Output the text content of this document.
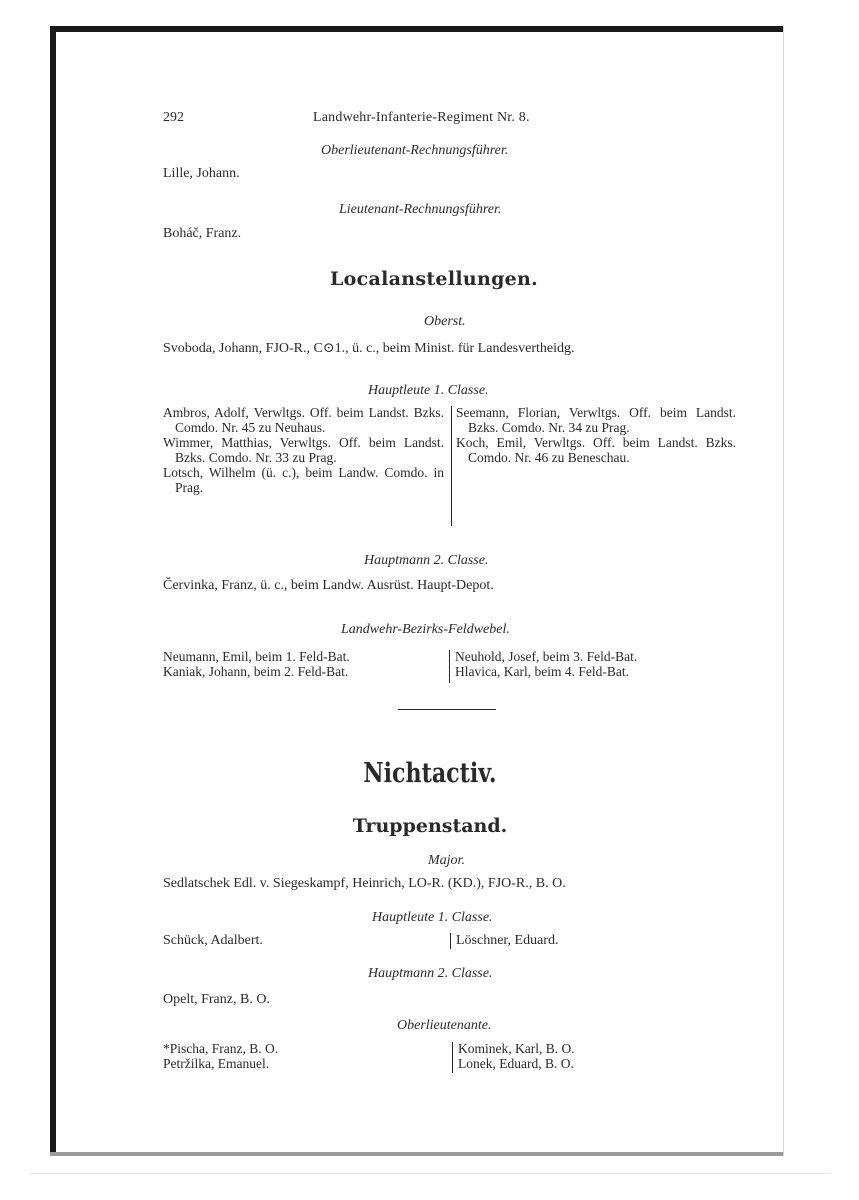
292	Landwehr-Infanterie-Regiment Nr. 8.
Oberlieutenant-Rechnungsführer.
Lille, Johann.
Lieutenant-Rechnungsführer.
Boháč, Franz.
Localanstellungen.
Oberst.
Svoboda, Johann, FJO-R., C⊙1., ü. c., beim Minist. für Landesvertheidg.
Hauptleute 1. Classe.
Ambros, Adolf, Verwltgs. Off. beim Landst. Bzks. Comdo. Nr. 45 zu Neuhaus.
Wimmer, Matthias, Verwltgs. Off. beim Landst. Bzks. Comdo. Nr. 33 zu Prag.
Lotsch, Wilhelm (ü. c.), beim Landw. Comdo. in Prag.
Seemann, Florian, Verwltgs. Off. beim Landst. Bzks. Comdo. Nr. 34 zu Prag.
Koch, Emil, Verwltgs. Off. beim Landst. Bzks. Comdo. Nr. 46 zu Beneschau.
Hauptmann 2. Classe.
Červinka, Franz, ü. c., beim Landw. Ausrüst. Haupt-Depot.
Landwehr-Bezirks-Feldwebel.
Neumann, Emil, beim 1. Feld-Bat.
Kaniak, Johann, beim 2. Feld-Bat.
Neuhold, Josef, beim 3. Feld-Bat.
Hlavica, Karl, beim 4. Feld-Bat.
Nichtactiv.
Truppenstand.
Major.
Sedlatschek Edl. v. Siegeskampf, Heinrich, LO-R. (KD.), FJO-R., B. O.
Hauptleute 1. Classe.
Schück, Adalbert.	Löschner, Eduard.
Hauptmann 2. Classe.
Opelt, Franz, B. O.
Oberlieutenante.
*Pischa, Franz, B. O.
Petržilka, Emanuel.
Kominek, Karl, B. O.
Lonek, Eduard, B. O.
